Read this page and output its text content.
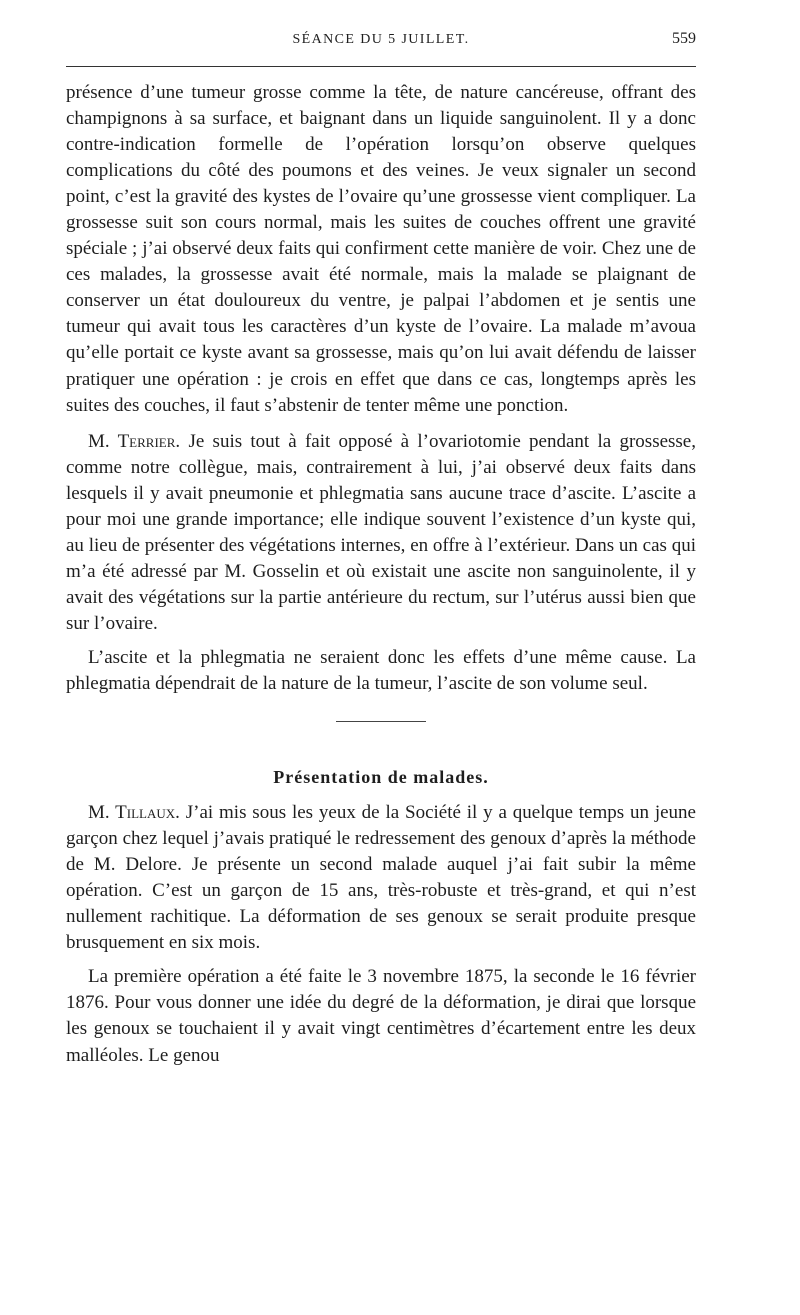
SÉANCE DU 5 JUILLET.	559

présence d’une tumeur grosse comme la tête, de nature cancéreuse, offrant des champignons à sa surface, et baignant dans un liquide sanguinolent. Il y a donc contre-indication formelle de l’opération lorsqu’on observe quelques complications du côté des poumons et des veines. Je veux signaler un second point, c’est la gravité des kystes de l’ovaire qu’une grossesse vient compliquer. La grossesse suit son cours normal, mais les suites de couches offrent une gravité spéciale ; j’ai observé deux faits qui confirment cette manière de voir. Chez une de ces malades, la grossesse avait été normale, mais la malade se plaignant de conserver un état douloureux du ventre, je palpai l’abdomen et je sentis une tumeur qui avait tous les caractères d’un kyste de l’ovaire. La malade m’avoua qu’elle portait ce kyste avant sa grossesse, mais qu’on lui avait défendu de laisser pratiquer une opération : je crois en effet que dans ce cas, longtemps après les suites des couches, il faut s’abstenir de tenter même une ponction.

M. Terrier. Je suis tout à fait opposé à l’ovariotomie pendant la grossesse, comme notre collègue, mais, contrairement à lui, j’ai observé deux faits dans lesquels il y avait pneumonie et phlegmatia sans aucune trace d’ascite. L’ascite a pour moi une grande importance; elle indique souvent l’existence d’un kyste qui, au lieu de présenter des végétations internes, en offre à l’extérieur. Dans un cas qui m’a été adressé par M. Gosselin et où existait une ascite non sanguinolente, il y avait des végétations sur la partie antérieure du rectum, sur l’utérus aussi bien que sur l’ovaire.

L’ascite et la phlegmatia ne seraient donc les effets d’une même cause. La phlegmatia dépendrait de la nature de la tumeur, l’ascite de son volume seul.

Présentation de malades.

M. Tillaux. J’ai mis sous les yeux de la Société il y a quelque temps un jeune garçon chez lequel j’avais pratiqué le redressement des genoux d’après la méthode de M. Delore. Je présente un second malade auquel j’ai fait subir la même opération. C’est un garçon de 15 ans, très-robuste et très-grand, et qui n’est nullement rachitique. La déformation de ses genoux se serait produite presque brusquement en six mois.

La première opération a été faite le 3 novembre 1875, la seconde le 16 février 1876. Pour vous donner une idée du degré de la déformation, je dirai que lorsque les genoux se touchaient il y avait vingt centimètres d’écartement entre les deux malléoles. Le genou
